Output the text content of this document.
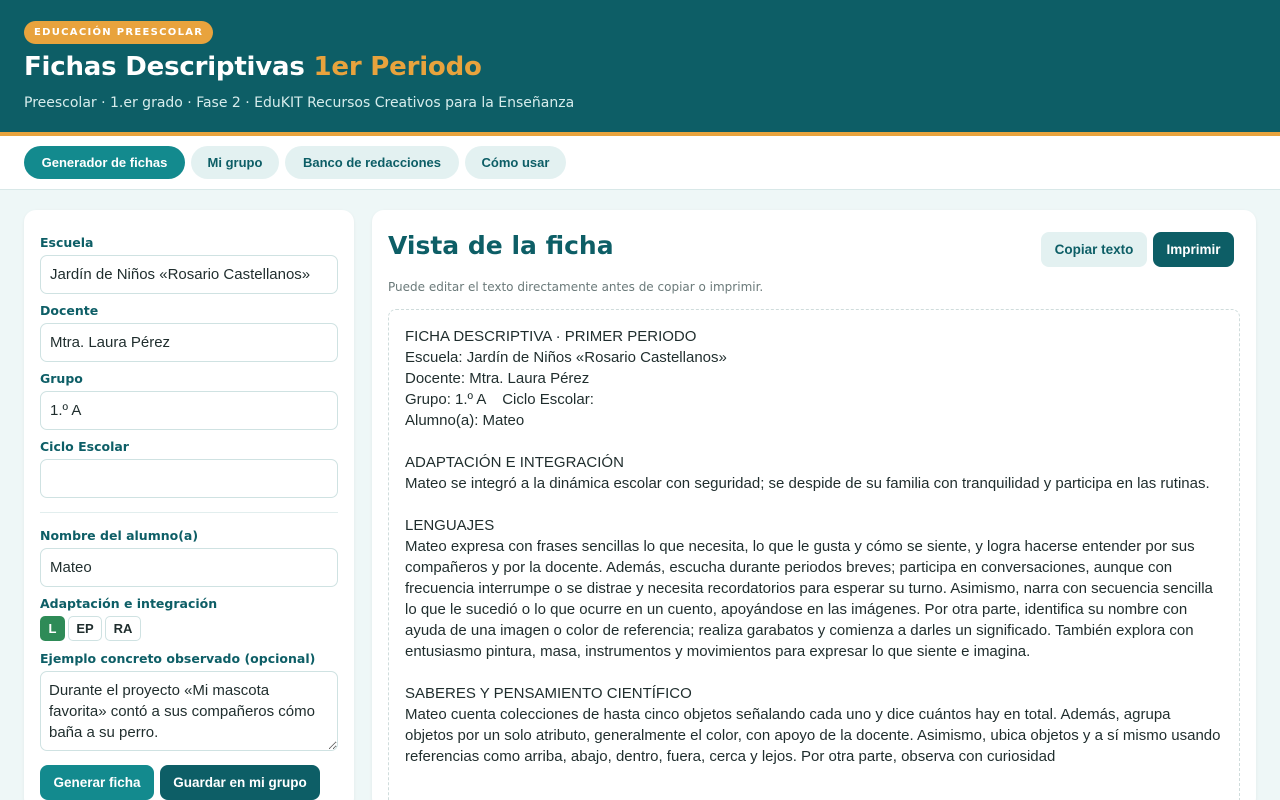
EDUCACIÓN PREESCOLAR
Fichas Descriptivas 1er Periodo
Preescolar · 1.er grado · Fase 2 · EduKIT Recursos Creativos para la Enseñanza
Generador de fichas	Mi grupo	Banco de redacciones	Cómo usar
Escuela
Jardín de Niños «Rosario Castellanos»
Docente
Mtra. Laura Pérez
Grupo
1.º A
Ciclo Escolar
Nombre del alumno(a)
Mateo
Adaptación e integración
L	EP	RA
Ejemplo concreto observado (opcional)
Durante el proyecto «Mi mascota favorita» contó a sus compañeros cómo baña a su perro.
Generar ficha	Guardar en mi grupo
Vista de la ficha	Copiar texto	Imprimir
Puede editar el texto directamente antes de copiar o imprimir.

FICHA DESCRIPTIVA · PRIMER PERIODO

Escuela: Jardín de Niños «Rosario Castellanos»

Docente: Mtra. Laura Pérez

Grupo: 1.º A    Ciclo Escolar:

Alumno(a): Mateo

ADAPTACIÓN E INTEGRACIÓN

Mateo se integró a la dinámica escolar con seguridad; se despide de su familia con tranquilidad y participa en las rutinas.

LENGUAJES

Mateo expresa con frases sencillas lo que necesita, lo que le gusta y cómo se siente, y logra hacerse entender por sus compañeros y por la docente. Además, escucha durante periodos breves; participa en conversaciones, aunque con frecuencia interrumpe o se distrae y necesita recordatorios para esperar su turno. Asimismo, narra con secuencia sencilla lo que le sucedió o lo que ocurre en un cuento, apoyándose en las imágenes. Por otra parte, identifica su nombre con ayuda de una imagen o color de referencia; realiza garabatos y comienza a darles un significado. También explora con entusiasmo pintura, masa, instrumentos y movimientos para expresar lo que siente e imagina.

SABERES Y PENSAMIENTO CIENTÍFICO

Mateo cuenta colecciones de hasta cinco objetos señalando cada uno y dice cuántos hay en total. Además, agrupa objetos por un solo atributo, generalmente el color, con apoyo de la docente. Asimismo, ubica objetos y a sí mismo usando referencias como arriba, abajo, dentro, fuera, cerca y lejos. Por otra parte, observa con curiosidad
